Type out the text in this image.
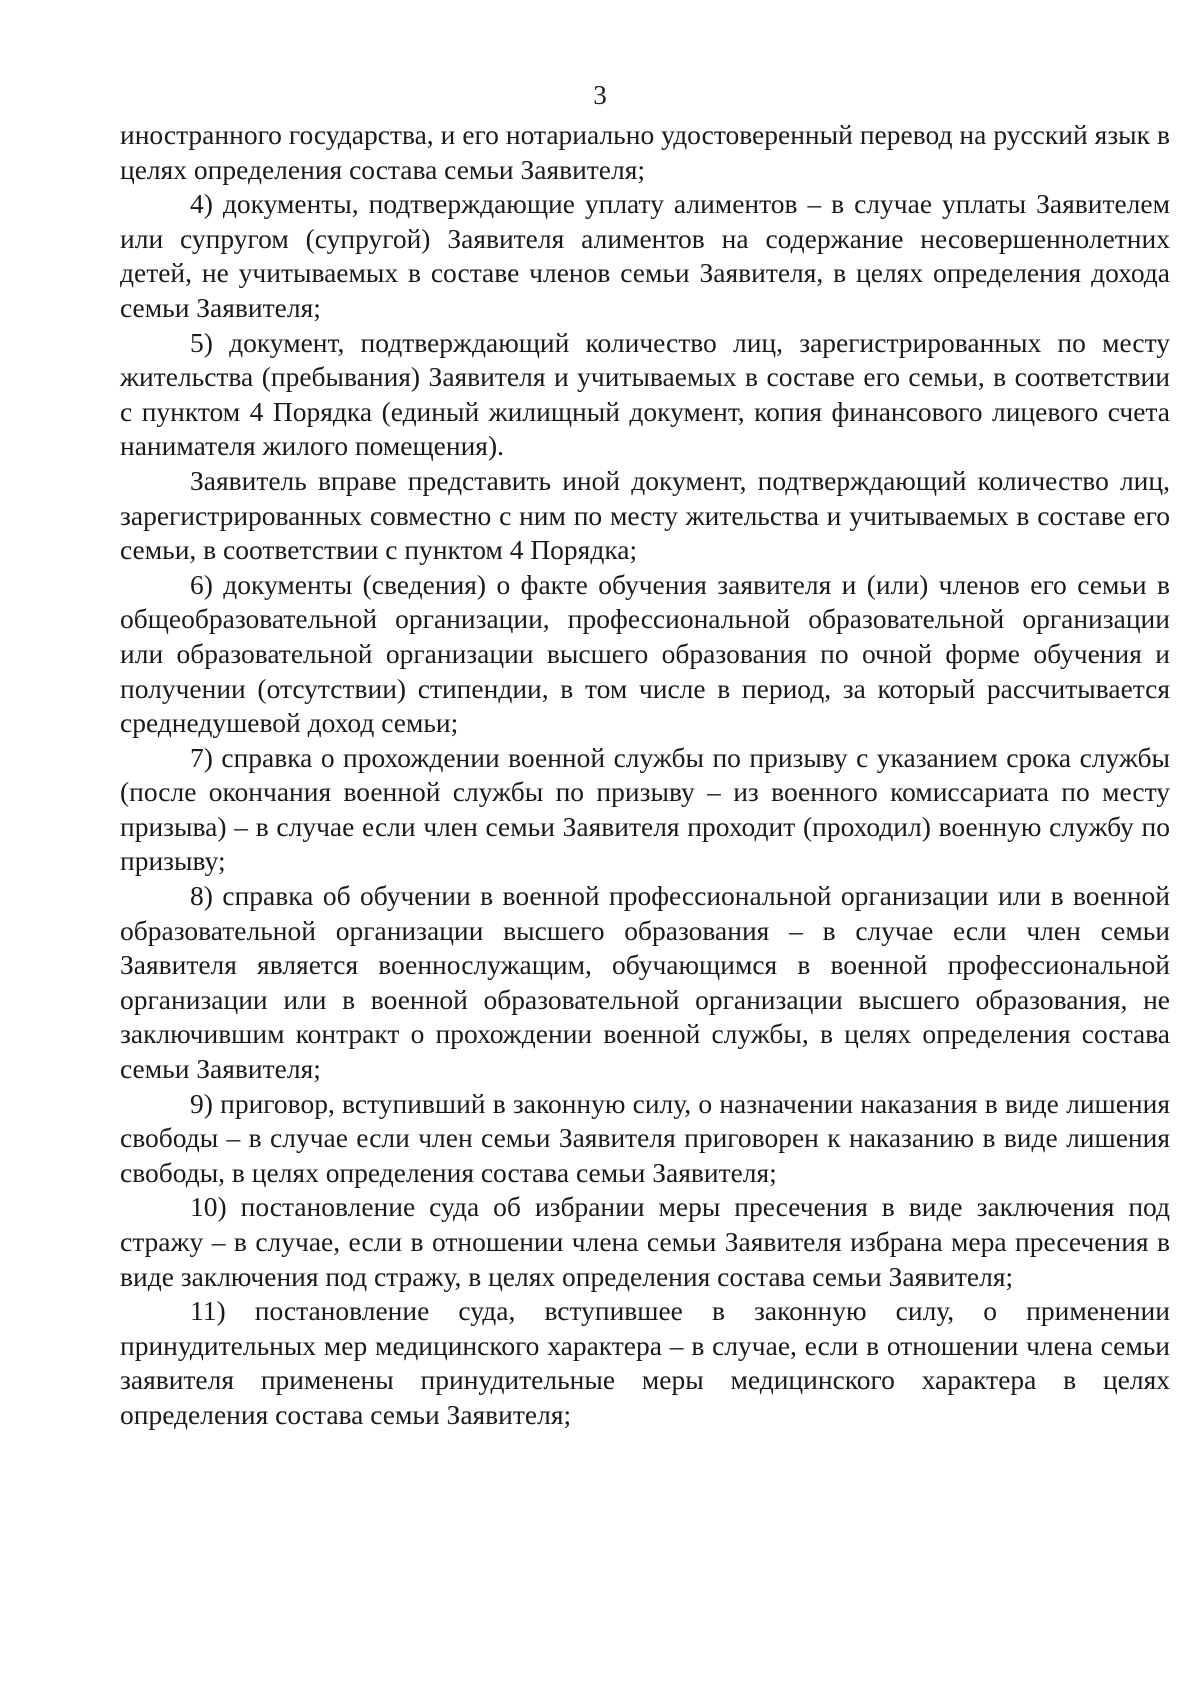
3

иностранного государства, и его нотариально удостоверенный перевод на русский язык в целях определения состава семьи Заявителя;

4) документы, подтверждающие уплату алиментов – в случае уплаты Заявителем или супругом (супругой) Заявителя алиментов на содержание несовершеннолетних детей, не учитываемых в составе членов семьи Заявителя, в целях определения дохода семьи Заявителя;

5) документ, подтверждающий количество лиц, зарегистрированных по месту жительства (пребывания) Заявителя и учитываемых в составе его семьи, в соответствии с пунктом 4 Порядка (единый жилищный документ, копия финансового лицевого счета нанимателя жилого помещения).

Заявитель вправе представить иной документ, подтверждающий количество лиц, зарегистрированных совместно с ним по месту жительства и учитываемых в составе его семьи, в соответствии с пунктом 4 Порядка;

6) документы (сведения) о факте обучения заявителя и (или) членов его семьи в общеобразовательной организации, профессиональной образовательной организации или образовательной организации высшего образования по очной форме обучения и получении (отсутствии) стипендии, в том числе в период, за который рассчитывается среднедушевой доход семьи;

7) справка о прохождении военной службы по призыву с указанием срока службы (после окончания военной службы по призыву – из военного комиссариата по месту призыва) – в случае если член семьи Заявителя проходит (проходил) военную службу по призыву;

8) справка об обучении в военной профессиональной организации или в военной образовательной организации высшего образования – в случае если член семьи Заявителя является военнослужащим, обучающимся в военной профессиональной организации или в военной образовательной организации высшего образования, не заключившим контракт о прохождении военной службы, в целях определения состава семьи Заявителя;

9) приговор, вступивший в законную силу, о назначении наказания в виде лишения свободы – в случае если член семьи Заявителя приговорен к наказанию в виде лишения свободы, в целях определения состава семьи Заявителя;

10) постановление суда об избрании меры пресечения в виде заключения под стражу – в случае, если в отношении члена семьи Заявителя избрана мера пресечения в виде заключения под стражу, в целях определения состава семьи Заявителя;

11) постановление суда, вступившее в законную силу, о применении принудительных мер медицинского характера – в случае, если в отношении члена семьи заявителя применены принудительные меры медицинского характера в целях определения состава семьи Заявителя;
